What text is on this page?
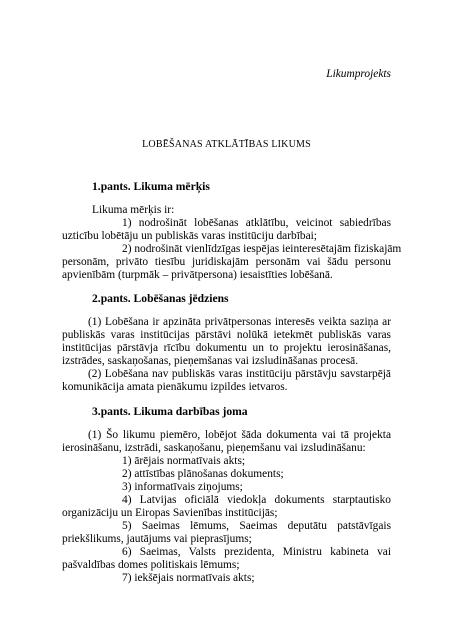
Likumprojekts
LOBĒŠANAS ATKLĀTĪBAS LIKUMS
1.pants. Likuma mērķis
Likuma mērķis ir:
1) nodrošināt lobēšanas atklātību, veicinot sabiedrības
uzticību lobētāju un publiskās varas institūciju darbībai;
2) nodrošināt vienlīdzīgas iespējas ieinteresētajām fiziskajām
personām, privāto tiesību juridiskajām personām vai šādu personu
apvienībām (turpmāk – privātpersona) iesaistīties lobēšanā.
2.pants. Lobēšanas jēdziens
(1) Lobēšana ir apzināta privātpersonas interesēs veikta saziņa ar
publiskās varas institūcijas pārstāvi nolūkā ietekmēt publiskās varas
institūcijas pārstāvja rīcību dokumentu un to projektu ierosināšanas,
izstrādes, saskaņošanas, pieņemšanas vai izsludināšanas procesā.
(2) Lobēšana nav publiskās varas institūciju pārstāvju savstarpējā
komunikācija amata pienākumu izpildes ietvaros.
3.pants. Likuma darbības joma
(1) Šo likumu piemēro, lobējot šāda dokumenta vai tā projekta
ierosināšanu, izstrādi, saskaņošanu, pieņemšanu vai izsludināšanu:
1) ārējais normatīvais akts;
2) attīstības plānošanas dokuments;
3) informatīvais ziņojums;
4) Latvijas oficiālā viedokļa dokuments starptautisko
organizāciju un Eiropas Savienības institūcijās;
5) Saeimas lēmums, Saeimas deputātu patstāvīgais
priekšlikums, jautājums vai pieprasījums;
6) Saeimas, Valsts prezidenta, Ministru kabineta vai
pašvaldības domes politiskais lēmums;
7) iekšējais normatīvais akts;
